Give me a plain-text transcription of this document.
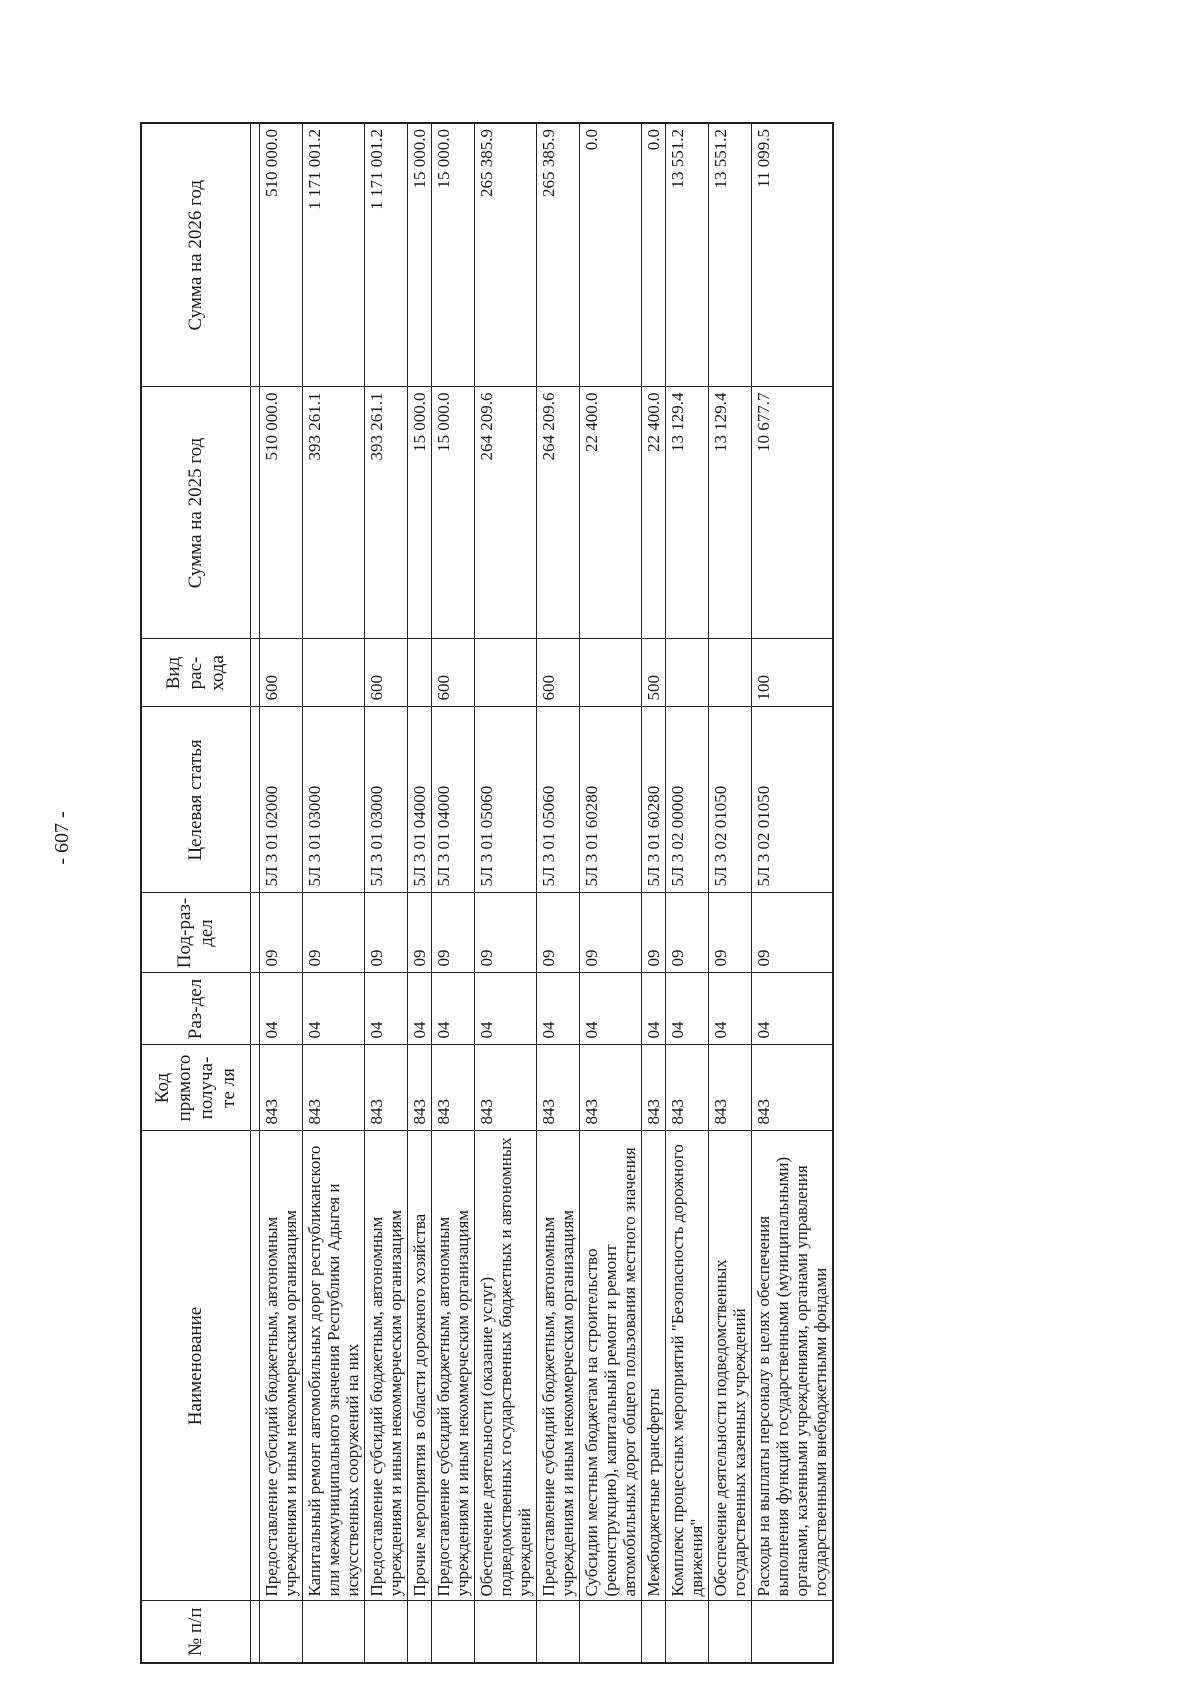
- 607 -
№ п/п	Наименование	Код прямого получа-те ля	Раз-дел	Под-раз-дел	Целевая статья	Вид рас-хода	Сумма на 2025 год	Сумма на 2026 год

	Предоставление субсидий бюджетным, автономным учреждениям и иным некоммерческим организациям	843	04	09	5Л 3 01 02000	600	510 000.0	510 000.0
	Капитальный ремонт автомобильных дорог республиканского или межмуниципального значения Республики Адыгея и искусственных сооружений на них	843	04	09	5Л 3 01 03000		393 261.1	1 171 001.2
	Предоставление субсидий бюджетным, автономным учреждениям и иным некоммерческим организациям	843	04	09	5Л 3 01 03000	600	393 261.1	1 171 001.2
	Прочие мероприятия в области дорожного хозяйства	843	04	09	5Л 3 01 04000		15 000.0	15 000.0
	Предоставление субсидий бюджетным, автономным учреждениям и иным некоммерческим организациям	843	04	09	5Л 3 01 04000	600	15 000.0	15 000.0
	Обеспечение деятельности (оказание услуг) подведомственных государственных бюджетных и автономных учреждений	843	04	09	5Л 3 01 05060		264 209.6	265 385.9
	Предоставление субсидий бюджетным, автономным учреждениям и иным некоммерческим организациям	843	04	09	5Л 3 01 05060	600	264 209.6	265 385.9
	Субсидии местным бюджетам на строительство (реконструкцию), капитальный ремонт и ремонт автомобильных дорог общего пользования местного значения	843	04	09	5Л 3 01 60280		22 400.0	0.0
	Межбюджетные трансферты	843	04	09	5Л 3 01 60280	500	22 400.0	0.0
	Комплекс процессных мероприятий "Безопасность дорожного движения"	843	04	09	5Л 3 02 00000		13 129.4	13 551.2
	Обеспечение деятельности подведомственных государственных казенных учреждений	843	04	09	5Л 3 02 01050		13 129.4	13 551.2
	Расходы на выплаты персоналу в целях обеспечения выполнения функций государственными (муниципальными) органами, казенными учреждениями, органами управления государственными внебюджетными фондами	843	04	09	5Л 3 02 01050	100	10 677.7	11 099.5
